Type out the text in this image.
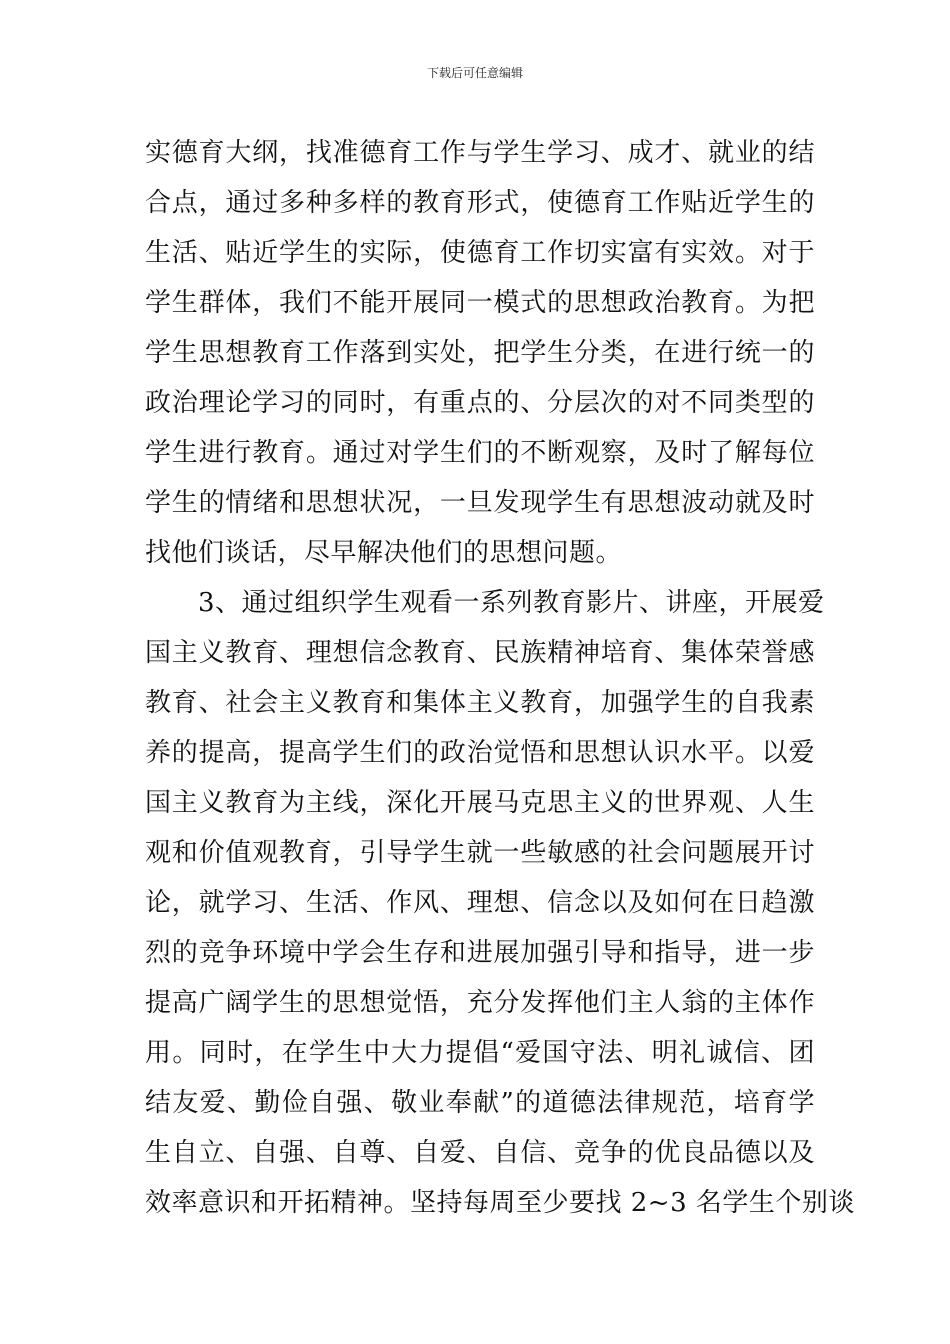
下载后可任意编辑
实德育大纲，找准德育工作与学生学习、成才、就业的结
合点，通过多种多样的教育形式，使德育工作贴近学生的
生活、贴近学生的实际，使德育工作切实富有实效。对于
学生群体，我们不能开展同一模式的思想政治教育。为把
学生思想教育工作落到实处，把学生分类，在进行统一的
政治理论学习的同时，有重点的、分层次的对不同类型的
学生进行教育。通过对学生们的不断观察，及时了解每位
学生的情绪和思想状况，一旦发现学生有思想波动就及时
找他们谈话，尽早解决他们的思想问题。
　　3、通过组织学生观看一系列教育影片、讲座，开展爱
国主义教育、理想信念教育、民族精神培育、集体荣誉感
教育、社会主义教育和集体主义教育，加强学生的自我素
养的提高，提高学生们的政治觉悟和思想认识水平。以爱
国主义教育为主线，深化开展马克思主义的世界观、人生
观和价值观教育，引导学生就一些敏感的社会问题展开讨
论，就学习、生活、作风、理想、信念以及如何在日趋激
烈的竞争环境中学会生存和进展加强引导和指导，进一步
提高广阔学生的思想觉悟，充分发挥他们主人翁的主体作
用。同时，在学生中大力提倡“爱国守法、明礼诚信、团
结友爱、勤俭自强、敬业奉献”的道德法律规范，培育学
生自立、自强、自尊、自爱、自信、竞争的优良品德以及
效率意识和开拓精神。坚持每周至少要找 2~3 名学生个别谈
